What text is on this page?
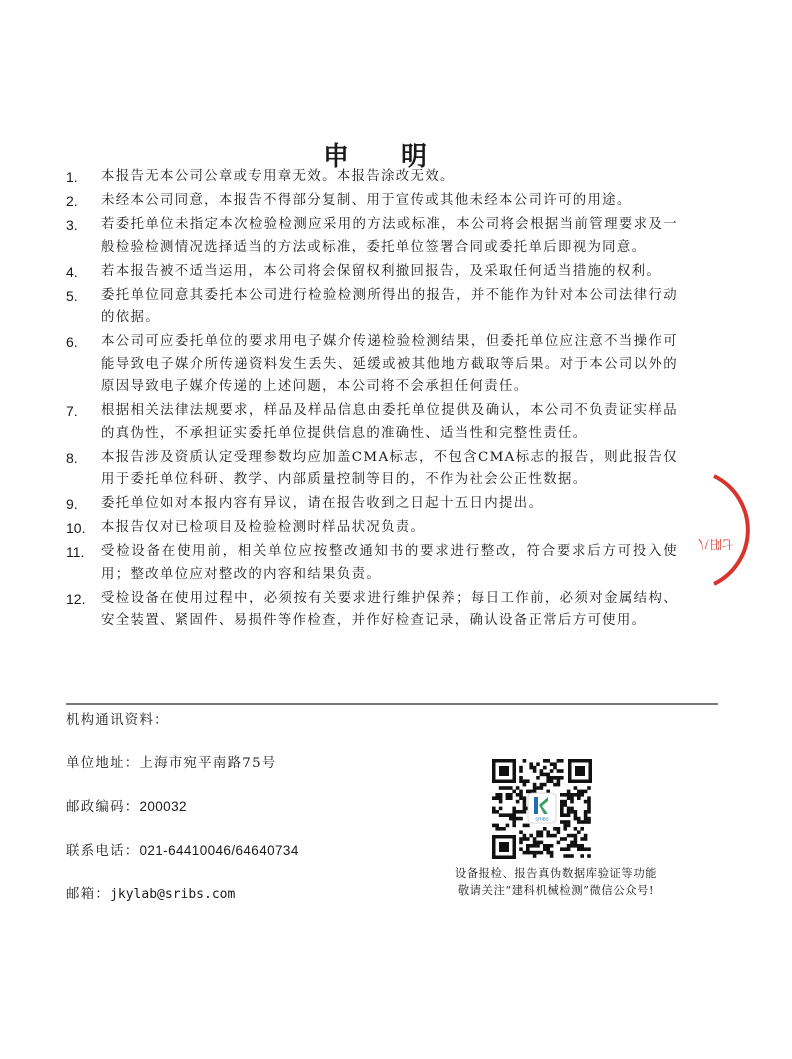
申明
1.	本报告无本公司公章或专用章无效。本报告涂改无效。
2.	未经本公司同意，本报告不得部分复制、用于宣传或其他未经本公司许可的用途。
3.	若委托单位未指定本次检验检测应采用的方法或标准，本公司将会根据当前管理要求及一般检验检测情况选择适当的方法或标准，委托单位签署合同或委托单后即视为同意。
4.	若本报告被不适当运用，本公司将会保留权利撤回报告，及采取任何适当措施的权利。
5.	委托单位同意其委托本公司进行检验检测所得出的报告，并不能作为针对本公司法律行动的依据。
6.	本公司可应委托单位的要求用电子媒介传递检验检测结果，但委托单位应注意不当操作可能导致电子媒介所传递资料发生丢失、延缓或被其他地方截取等后果。对于本公司以外的原因导致电子媒介传递的上述问题，本公司将不会承担任何责任。
7.	根据相关法律法规要求，样品及样品信息由委托单位提供及确认，本公司不负责证实样品的真伪性，不承担证实委托单位提供信息的准确性、适当性和完整性责任。
8.	本报告涉及资质认定受理参数均应加盖CMA标志，不包含CMA标志的报告，则此报告仅用于委托单位科研、教学、内部质量控制等目的，不作为社会公正性数据。
9.	委托单位如对本报内容有异议，请在报告收到之日起十五日内提出。
10.	本报告仅对已检项目及检验检测时样品状况负责。
11.	受检设备在使用前，相关单位应按整改通知书的要求进行整改，符合要求后方可投入使用；整改单位应对整改的内容和结果负责。
12.	受检设备在使用过程中，必须按有关要求进行维护保养；每日工作前，必须对金属结构、安全装置、紧固件、易损件等作检查，并作好检查记录，确认设备正常后方可使用。
机构通讯资料：
单位地址：上海市宛平南路75号
邮政编码：200032
联系电话：021-64410046/64640734
邮箱：jkylab@sribs.com
SRIBS
设备报检、报告真伪数据库验证等功能
敬请关注“建科机械检测”微信公众号!
七阳八
